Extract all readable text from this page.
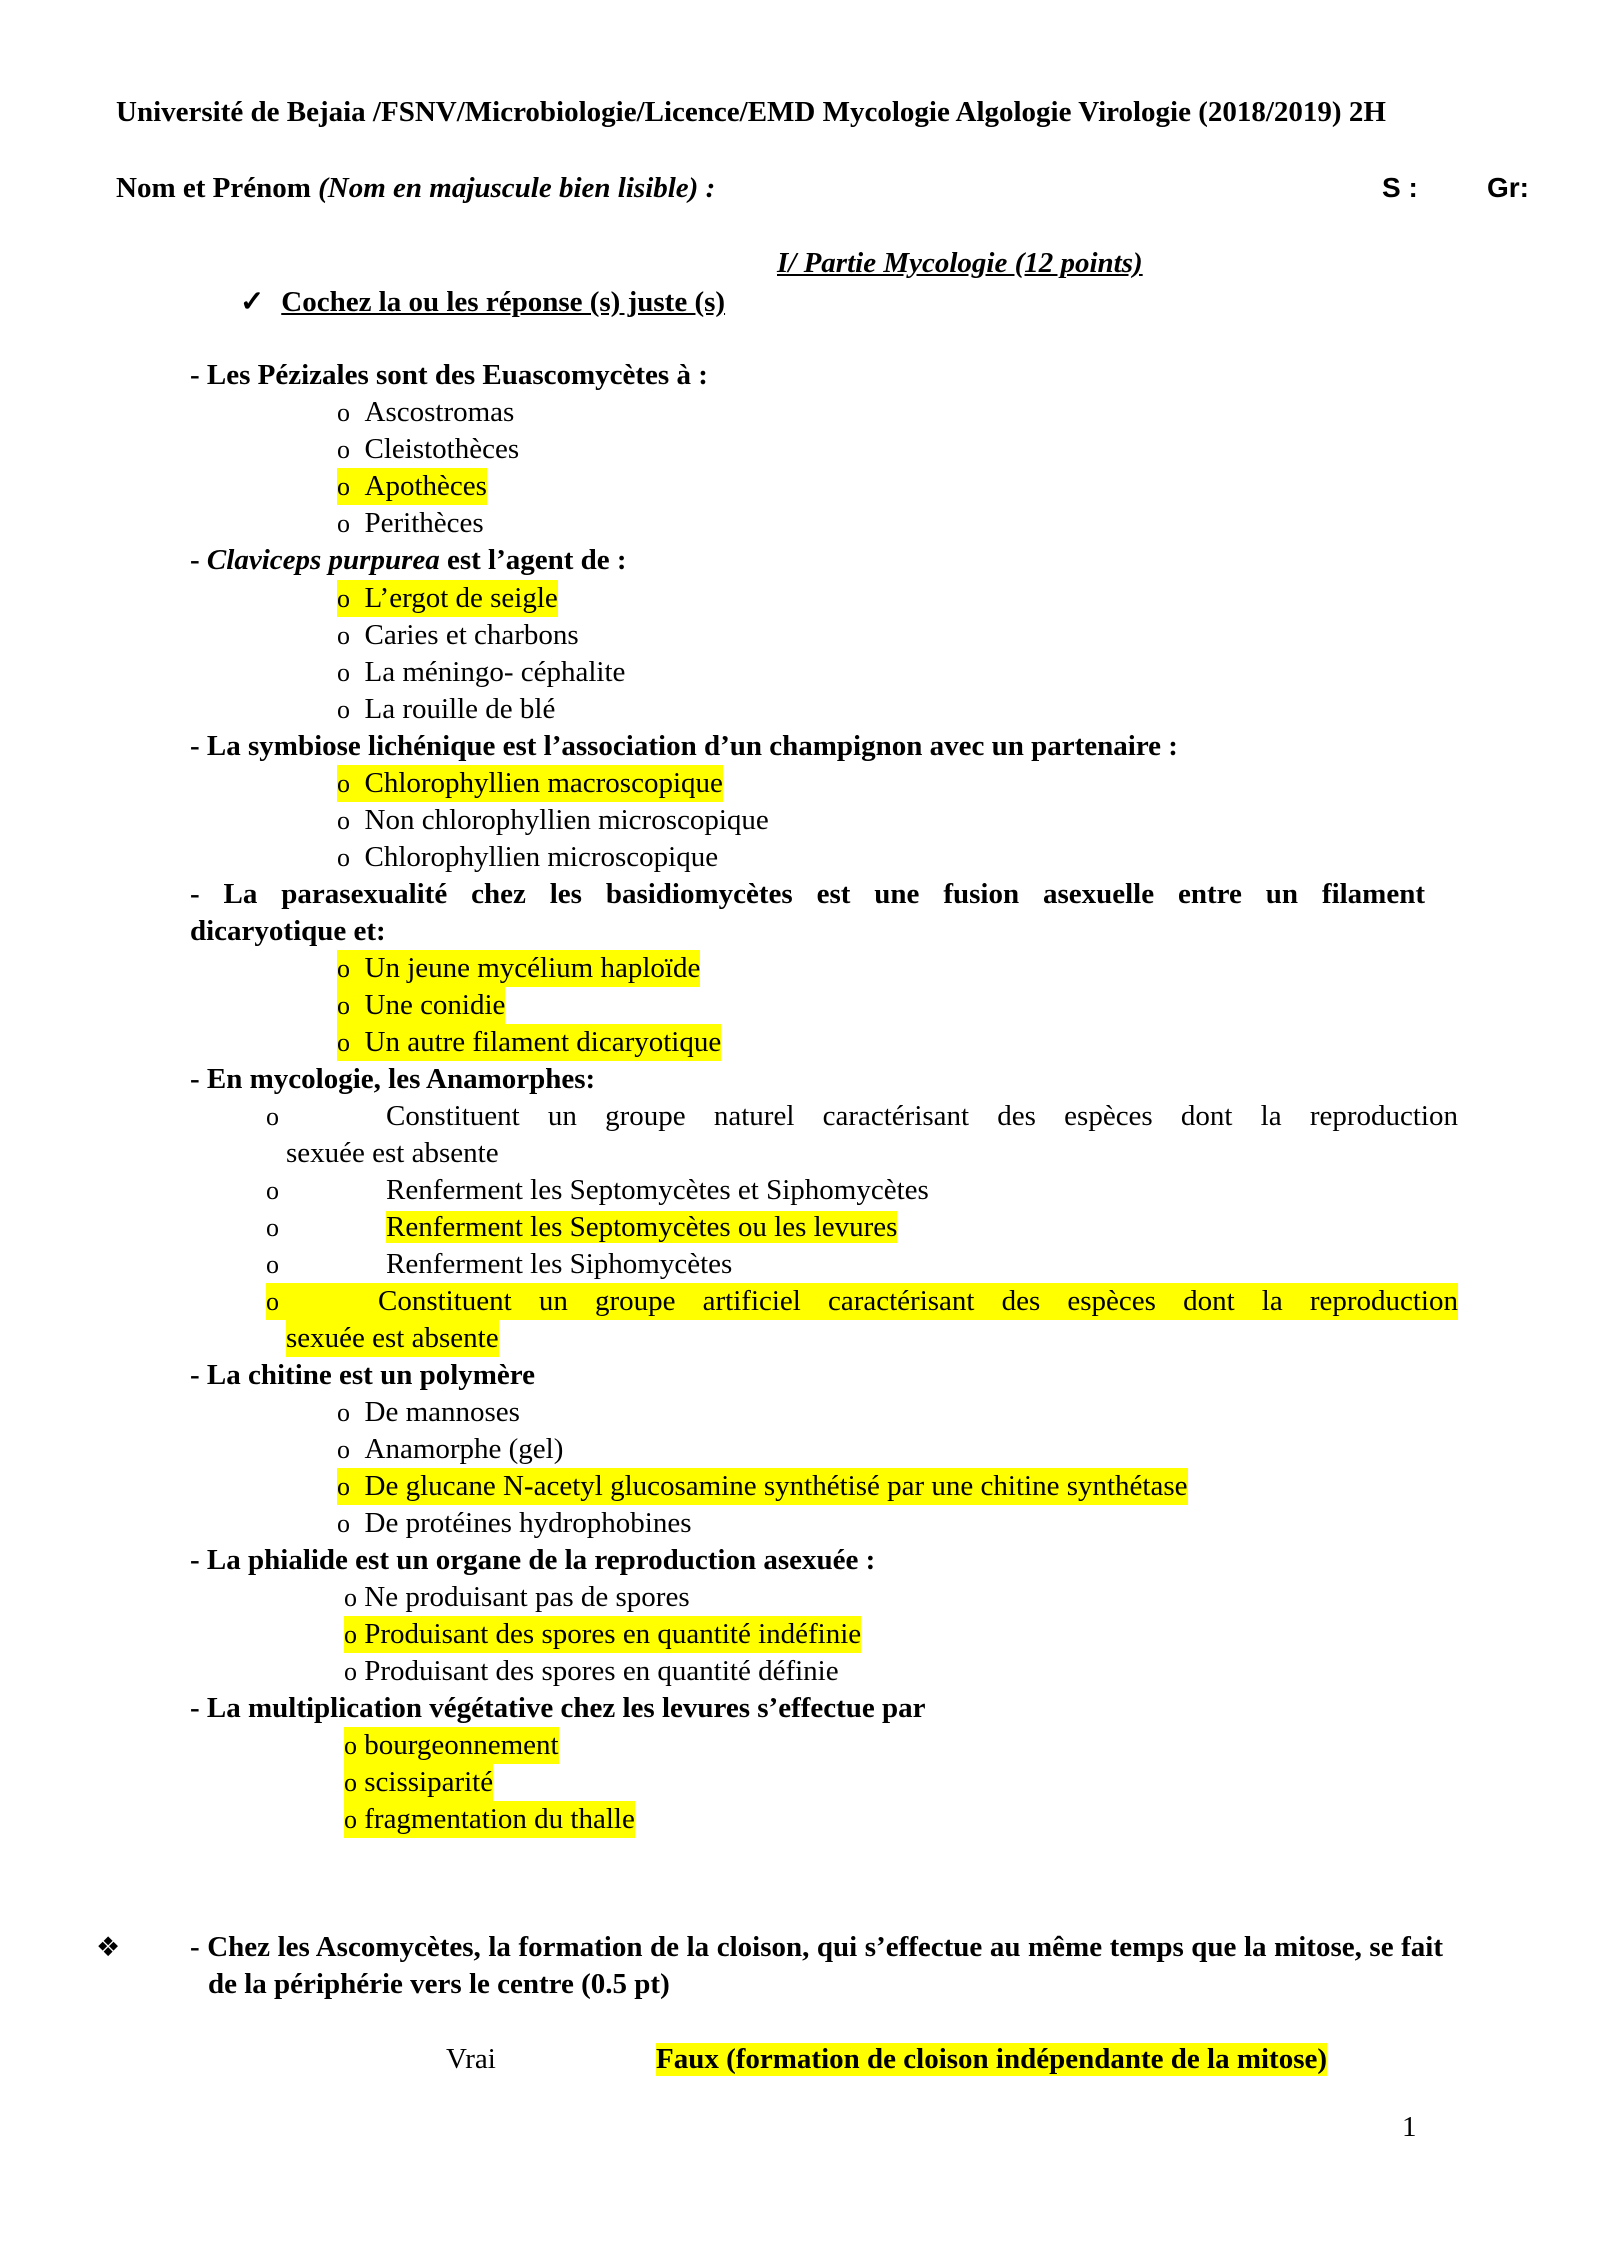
Université de Bejaia /FSNV/Microbiologie/Licence/EMD Mycologie Algologie Virologie (2018/2019) 2H
Nom et Prénom (Nom en majuscule bien lisible) :	S : Gr:
I/ Partie Mycologie (12 points)
✓ Cochez la ou les réponse (s) juste (s)
- Les Pézizales sont des Euascomycètes à :
o Ascostromas
o Cleistothèces
o Apothèces
o Perithèces
- Claviceps purpurea est l’agent de :
o L’ergot de seigle
o Caries et charbons
o La méningo- céphalite
o La rouille de blé
- La symbiose lichénique est l’association d’un champignon avec un partenaire :
o Chlorophyllien macroscopique
o Non chlorophyllien microscopique
o Chlorophyllien microscopique
- La parasexualité chez les basidiomycètes est une fusion asexuelle entre un filament
dicaryotique et:
o Un jeune mycélium haploïde
o Une conidie
o Un autre filament dicaryotique
- En mycologie, les Anamorphes:
o	Constituent un groupe naturel caractérisant des espèces dont la reproduction
sexuée est absente
o	Renferment les Septomycètes et Siphomycètes
o	Renferment les Septomycètes ou les levures
o	Renferment les Siphomycètes
o	Constituent un groupe artificiel caractérisant des espèces dont la reproduction
sexuée est absente
- La chitine est un polymère
o De mannoses
o Anamorphe (gel)
o De glucane N-acetyl glucosamine synthétisé par une chitine synthétase
o De protéines hydrophobines
- La phialide est un organe de la reproduction asexuée :
o Ne produisant pas de spores
o Produisant des spores en quantité indéfinie
o Produisant des spores en quantité définie
- La multiplication végétative chez les levures s’effectue par
o bourgeonnement
o scissiparité
o fragmentation du thalle
❖ - Chez les Ascomycètes, la formation de la cloison, qui s’effectue au même temps que la mitose, se fait de la périphérie vers le centre (0.5 pt)
Vrai	Faux (formation de cloison indépendante de la mitose)
1
